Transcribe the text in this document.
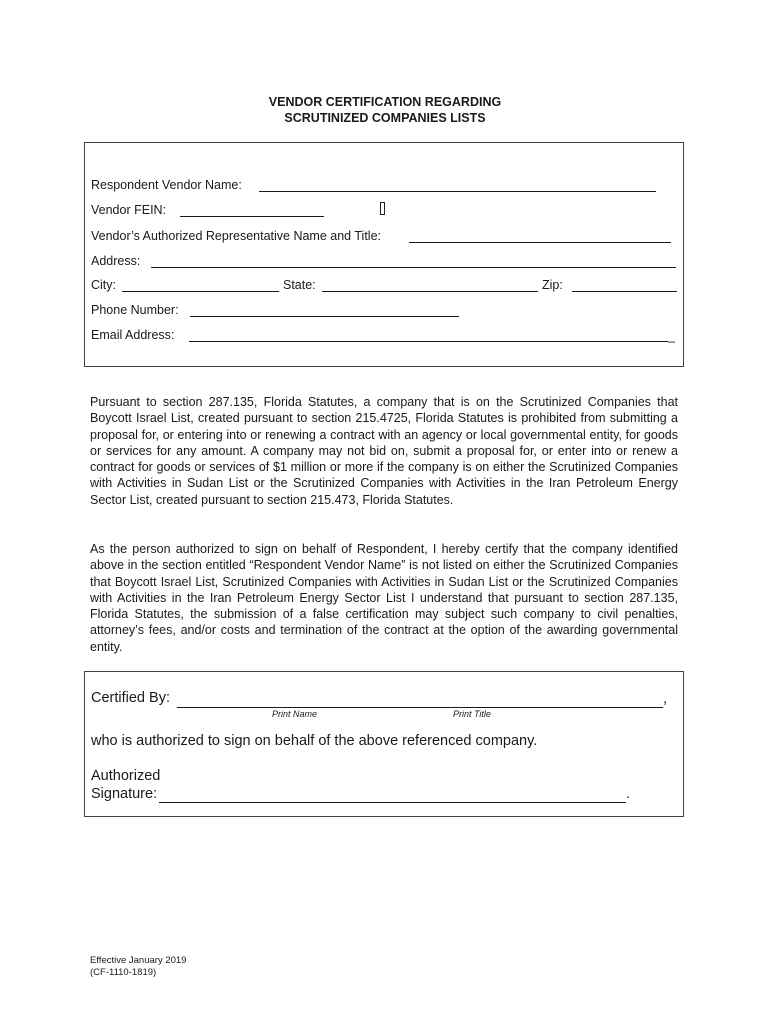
VENDOR CERTIFICATION REGARDING
SCRUTINIZED COMPANIES LISTS
Respondent Vendor Name:
Vendor FEIN:
Vendor’s Authorized Representative Name and Title:
Address:
City:	State:	Zip:
Phone Number:
Email Address:	_
Pursuant to section 287.135, Florida Statutes, a company that is on the Scrutinized Companies that Boycott Israel List, created pursuant to section 215.4725, Florida Statutes is prohibited from submitting a proposal for, or entering into or renewing a contract with an agency or local governmental entity, for goods or services for any amount. A company may not bid on, submit a proposal for, or enter into or renew a contract for goods or services of $1 million or more if the company is on either the Scrutinized Companies with Activities in Sudan List or the Scrutinized Companies with Activities in the Iran Petroleum Energy Sector List, created pursuant to section 215.473, Florida Statutes.
As the person authorized to sign on behalf of Respondent, I hereby certify that the company identified above in the section entitled “Respondent Vendor Name” is not listed on either the Scrutinized Companies that Boycott Israel List, Scrutinized Companies with Activities in Sudan List or the Scrutinized Companies with Activities in the Iran Petroleum Energy Sector List I understand that pursuant to section 287.135, Florida Statutes, the submission of a false certification may subject such company to civil penalties, attorney’s fees, and/or costs and termination of the contract at the option of the awarding governmental entity.
Certified By:	,
Print Name	Print Title
who is authorized to sign on behalf of the above referenced company.
Authorized
Signature:	.
Effective January 2019
(CF-1110-1819)
